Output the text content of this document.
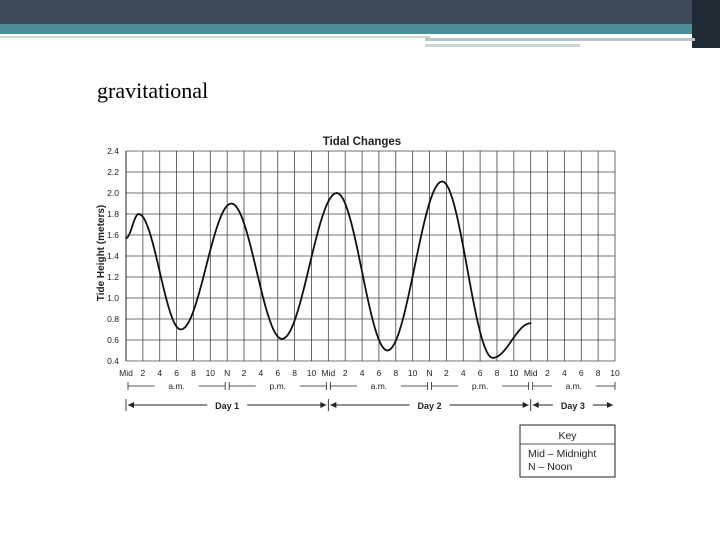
gravitational
Tidal Changes
Tide Height (meters)
0.4
0.6
0.8
1.0
1.2
1.4
1.6
1.8
2.0
2.2
2.4
Mid 2 4 6 8 10 N 2 4 6 8 10 Mid 2 4 6 8 10 N 2 4 6 8 10 Mid 2 4 6 8 10
a.m.	p.m.	a.m.	p.m.	a.m.
Day 1	Day 2	Day 3
Key
Mid – Midnight
N – Noon
